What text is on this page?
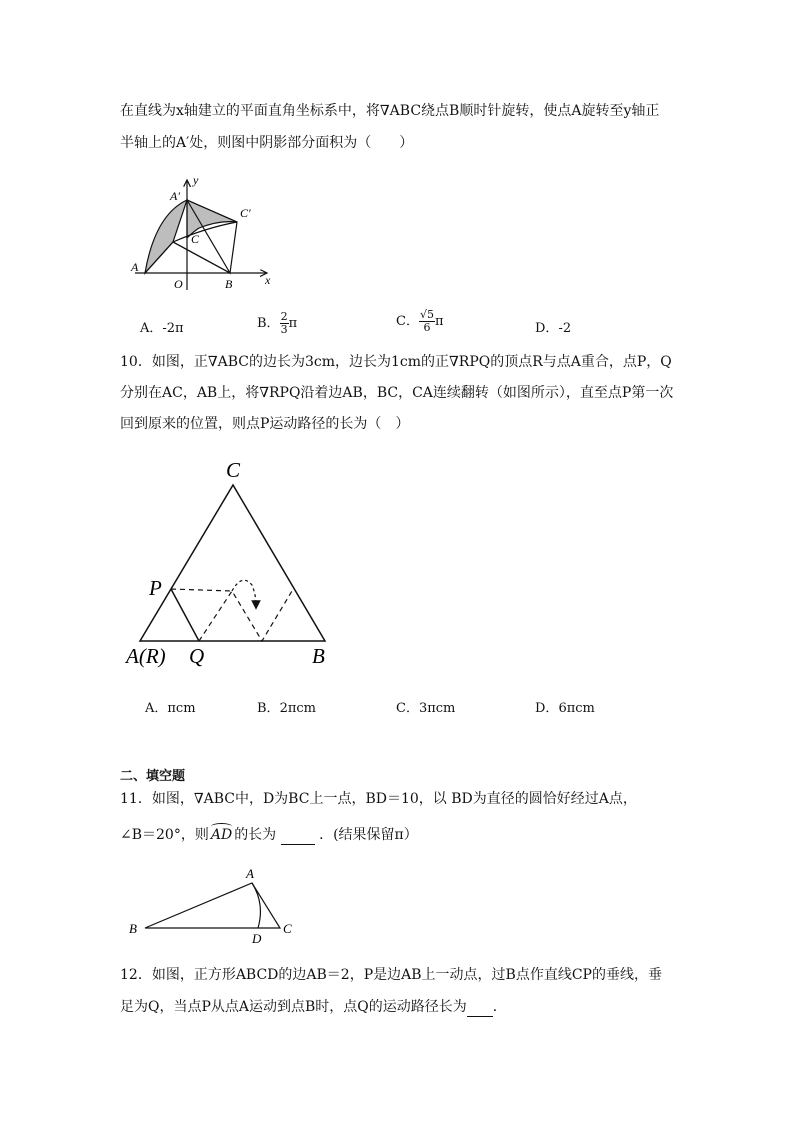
在直线为x轴建立的平面直角坐标系中，将∇ABC绕点B顺时针旋转，使点A旋转至y轴正
半轴上的A′处，则图中阴影部分面积为（　　）
y
x
A′
C′
C
A
O	B
A．-2π	B． $\frac{2}{3}$ π	C． $\frac{√5}{6}$ π	D．-2
10．如图，正∇ABC的边长为3cm，边长为1cm的正∇RPQ的顶点R与点A重合，点P，Q
分别在AC，AB上，将∇RPQ沿着边AB，BC，CA连续翻转（如图所示），直至点P第一次
回到原来的位置，则点P运动路径的长为（　）
C
P
A(R) Q	B
A．πcm	B．2πcm	C．3πcm	D．6πcm
二、填空题
11．如图，∇ABC中，D为BC上一点，BD＝10，以 BD为直径的圆恰好经过A点，
∠B＝20°，则 AD 的长为	．(结果保留π）
A
B	C
D
12．如图，正方形ABCD的边AB＝2，P是边AB上一动点，过B点作直线CP的垂线，垂
足为Q，当点P从点A运动到点B时，点Q的运动路径长为 ．
